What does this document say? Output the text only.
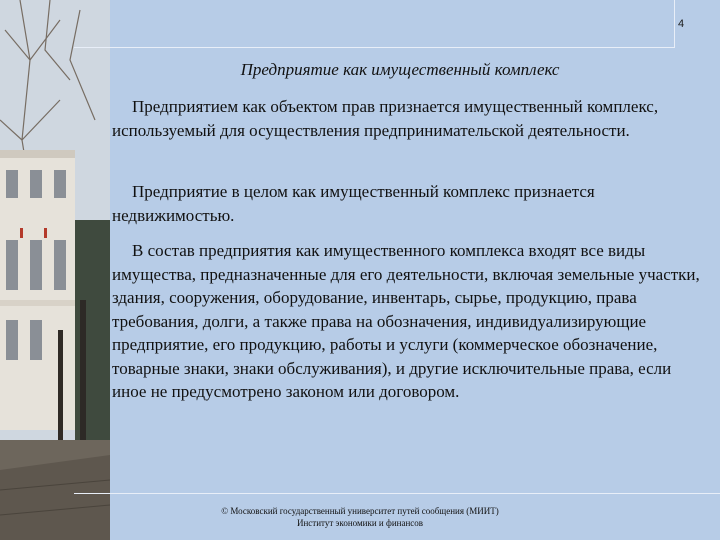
4
Предприятие как имущественный комплекс
Предприятием как объектом прав признается имущественный комплекс, используемый для осуществления предпринимательской деятельности.
Предприятие в целом как имущественный комплекс признается недвижимостью.
В состав предприятия как имущественного комплекса входят все виды имущества, предназначенные для его деятельности, включая земельные участки, здания, сооружения, оборудование, инвентарь, сырье, продукцию, права требования, долги, а также права на обозначения, индивидуализирующие предприятие, его продукцию, работы и услуги (коммерческое обозначение, товарные знаки, знаки обслуживания), и другие исключительные права, если иное не предусмотрено законом или договором.
© Московский государственный университет путей сообщения (МИИТ)
Институт экономики и финансов
